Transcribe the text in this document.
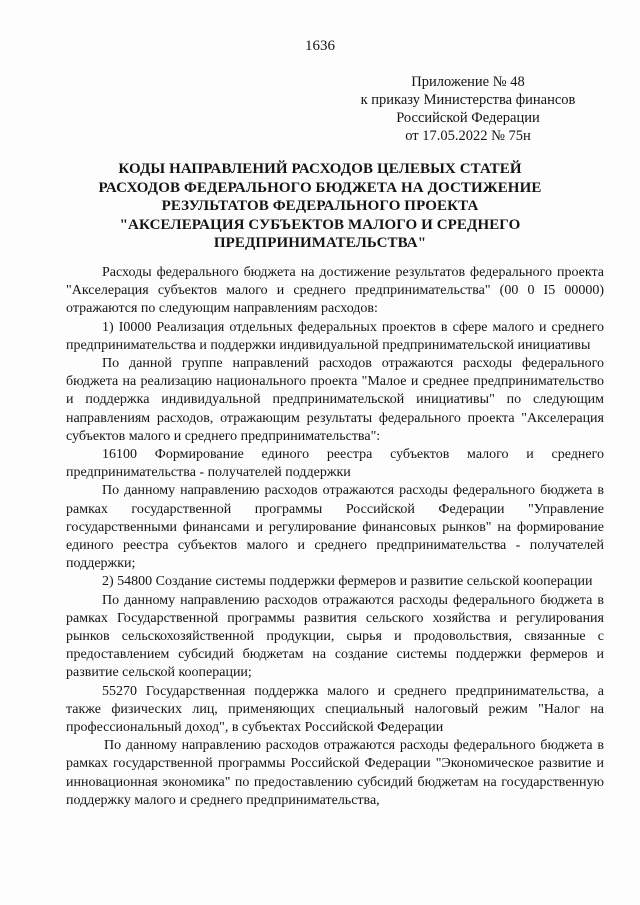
1636
Приложение № 48
к приказу Министерства финансов
Российской Федерации
от 17.05.2022 № 75н
КОДЫ НАПРАВЛЕНИЙ РАСХОДОВ ЦЕЛЕВЫХ СТАТЕЙ
РАСХОДОВ ФЕДЕРАЛЬНОГО БЮДЖЕТА НА ДОСТИЖЕНИЕ
РЕЗУЛЬТАТОВ ФЕДЕРАЛЬНОГО ПРОЕКТА
"АКСЕЛЕРАЦИЯ СУБЪЕКТОВ МАЛОГО И СРЕДНЕГО
ПРЕДПРИНИМАТЕЛЬСТВА"

Расходы федерального бюджета на достижение результатов федерального проекта "Акселерация субъектов малого и среднего предпринимательства" (00 0 I5 00000) отражаются по следующим направлениям расходов:

1) I0000 Реализация отдельных федеральных проектов в сфере малого и среднего предпринимательства и поддержки индивидуальной предпринимательской инициативы

По данной группе направлений расходов отражаются расходы федерального бюджета на реализацию национального проекта "Малое и среднее предпринимательство и поддержка индивидуальной предпринимательской инициативы" по следующим направлениям расходов, отражающим результаты федерального проекта "Акселерация субъектов малого и среднего предпринимательства":

16100 Формирование единого реестра субъектов малого и среднего предпринимательства - получателей поддержки

По данному направлению расходов отражаются расходы федерального бюджета в рамках государственной программы Российской Федерации "Управление государственными финансами и регулирование финансовых рынков" на формирование единого реестра субъектов малого и среднего предпринимательства - получателей поддержки;

2) 54800 Создание системы поддержки фермеров и развитие сельской кооперации

По данному направлению расходов отражаются расходы федерального бюджета в рамках Государственной программы развития сельского хозяйства и регулирования рынков сельскохозяйственной продукции, сырья и продовольствия, связанные с предоставлением субсидий бюджетам на создание системы поддержки фермеров и развитие сельской кооперации;

55270 Государственная поддержка малого и среднего предпринимательства, а также физических лиц, применяющих специальный налоговый режим "Налог на профессиональный доход", в субъектах Российской Федерации

По данному направлению расходов отражаются расходы федерального бюджета в рамках государственной программы Российской Федерации "Экономическое развитие и инновационная экономика" по предоставлению субсидий бюджетам на государственную поддержку малого и среднего предпринимательства,
